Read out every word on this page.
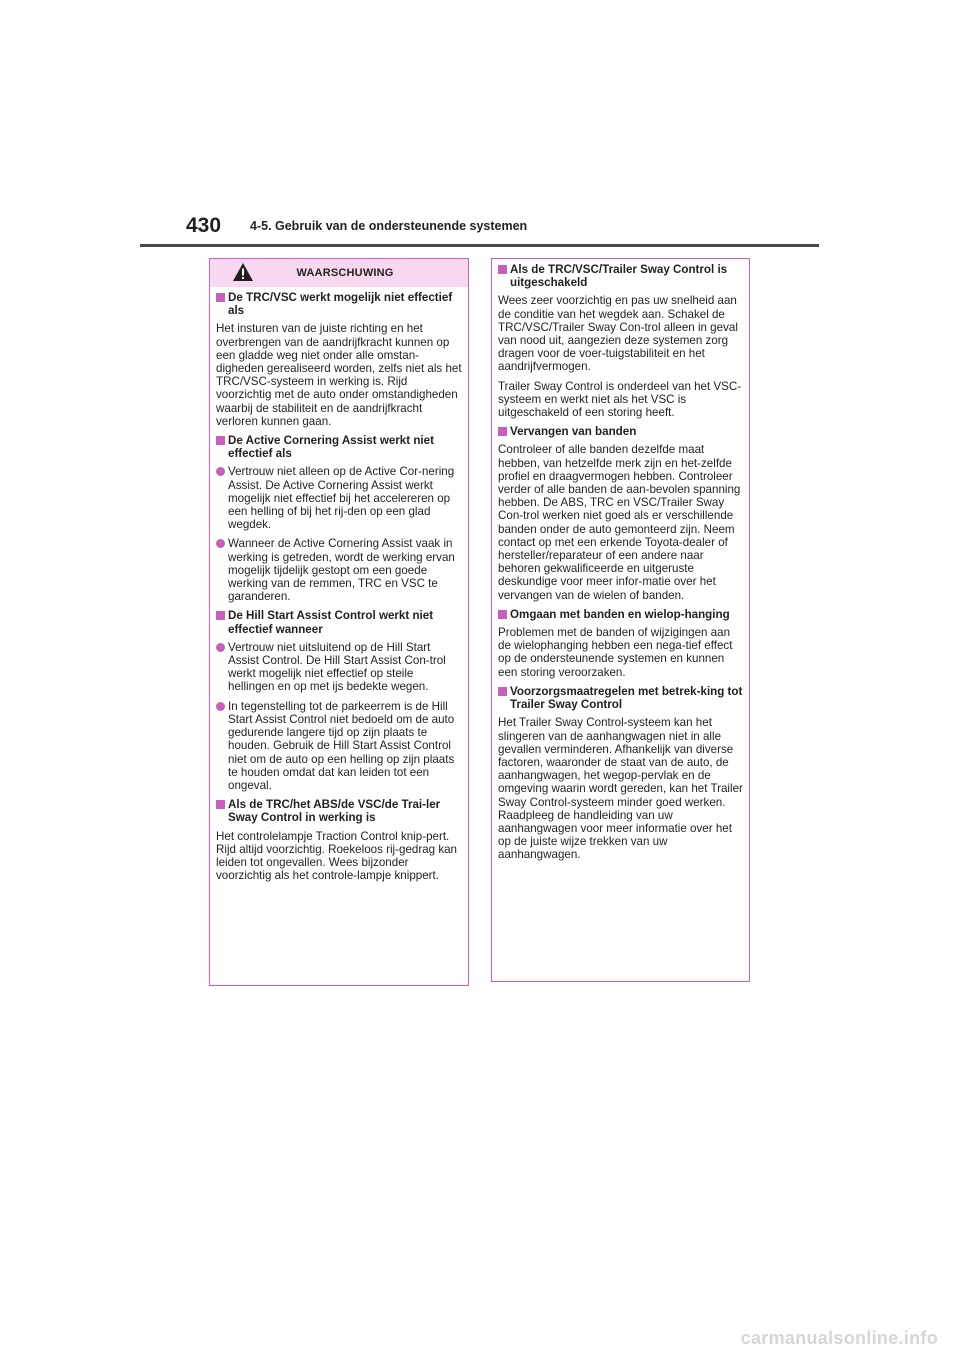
430 4-5. Gebruik van de ondersteunende systemen
WAARSCHUWING
De TRC/VSC werkt mogelijk niet effectief als
Het insturen van de juiste richting en het overbrengen van de aandrijfkracht kunnen op een gladde weg niet onder alle omstan-digheden gerealiseerd worden, zelfs niet als het TRC/VSC-systeem in werking is. Rijd voorzichtig met de auto onder omstandigheden waarbij de stabiliteit en de aandrijfkracht verloren kunnen gaan.
De Active Cornering Assist werkt niet effectief als
Vertrouw niet alleen op de Active Cor-nering Assist. De Active Cornering Assist werkt mogelijk niet effectief bij het accelereren op een helling of bij het rij-den op een glad wegdek.
Wanneer de Active Cornering Assist vaak in werking is getreden, wordt de werking ervan mogelijk tijdelijk gestopt om een goede werking van de remmen, TRC en VSC te garanderen.
De Hill Start Assist Control werkt niet effectief wanneer
Vertrouw niet uitsluitend op de Hill Start Assist Control. De Hill Start Assist Con-trol werkt mogelijk niet effectief op steile hellingen en op met ijs bedekte wegen.
In tegenstelling tot de parkeerrem is de Hill Start Assist Control niet bedoeld om de auto gedurende langere tijd op zijn plaats te houden. Gebruik de Hill Start Assist Control niet om de auto op een helling op zijn plaats te houden omdat dat kan leiden tot een ongeval.
Als de TRC/het ABS/de VSC/de Trai-ler Sway Control in werking is
Het controlelampje Traction Control knip-pert. Rijd altijd voorzichtig. Roekeloos rij-gedrag kan leiden tot ongevallen. Wees bijzonder voorzichtig als het controle-lampje knippert.
Als de TRC/VSC/Trailer Sway Control is uitgeschakeld
Wees zeer voorzichtig en pas uw snelheid aan de conditie van het wegdek aan. Schakel de TRC/VSC/Trailer Sway Con-trol alleen in geval van nood uit, aangezien deze systemen zorg dragen voor de voer-tuigstabiliteit en het aandrijfvermogen.
Trailer Sway Control is onderdeel van het VSC-systeem en werkt niet als het VSC is uitgeschakeld of een storing heeft.
Vervangen van banden
Controleer of alle banden dezelfde maat hebben, van hetzelfde merk zijn en het-zelfde profiel en draagvermogen hebben. Controleer verder of alle banden de aan-bevolen spanning hebben. De ABS, TRC en VSC/Trailer Sway Con-trol werken niet goed als er verschillende banden onder de auto gemonteerd zijn. Neem contact op met een erkende Toyota-dealer of hersteller/reparateur of een andere naar behoren gekwalificeerde en uitgeruste deskundige voor meer infor-matie over het vervangen van de wielen of banden.
Omgaan met banden en wielop-hanging
Problemen met de banden of wijzigingen aan de wielophanging hebben een nega-tief effect op de ondersteunende systemen en kunnen een storing veroorzaken.
Voorzorgsmaatregelen met betrek-king tot Trailer Sway Control
Het Trailer Sway Control-systeem kan het slingeren van de aanhangwagen niet in alle gevallen verminderen. Afhankelijk van diverse factoren, waaronder de staat van de auto, de aanhangwagen, het wegop-pervlak en de omgeving waarin wordt gereden, kan het Trailer Sway Control-systeem minder goed werken. Raadpleeg de handleiding van uw aanhangwagen voor meer informatie over het op de juiste wijze trekken van uw aanhangwagen.
carmanualsonline.info
